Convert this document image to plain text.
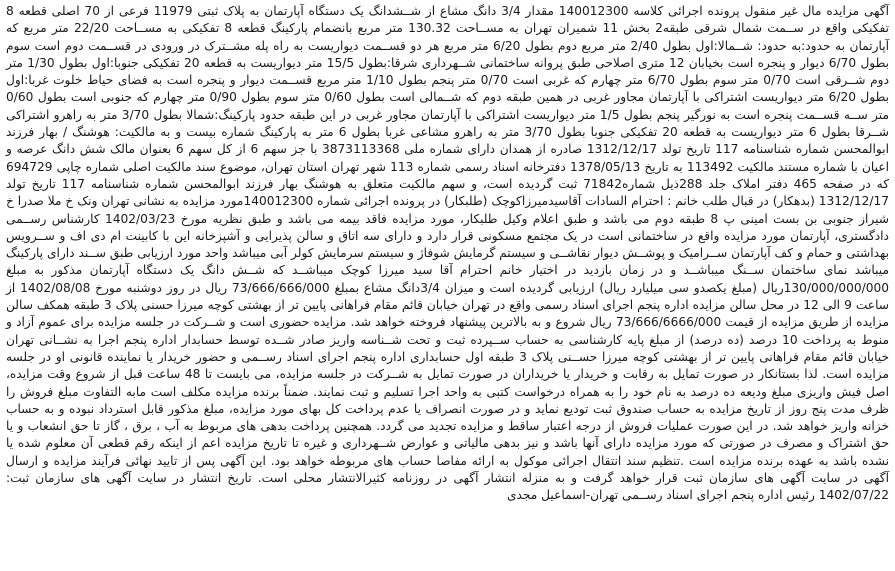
آگهی مزایده مال غیر منقول پرونده اجرائی کلاسه 140012300 مقدار 3/4 دانگ مشاع از شــشدانگ یک دستگاه آپارتمان به پلاک ثبتی 11979 فرعی از 70 اصلی قطعه 8 تفکیکی واقع در ســمت شمال شرقی طبقه2 بخش 11 شمیران تهران به مســاحت 130.32 متر مربع بانضمام پارکینگ قطعه 8 تفکیکی به مســاحت 22/20 متر مربع که آپارتمان به حدود:به حدود: شــمالا:اول بطول 2/40 متر مربع دوم بطول 6/20 متر مربع هر دو قســمت دیواریست به راه پله مشــترک در ورودی در قســمت دوم است سوم بطول 6/70 دیوار و پنجره است بخیابان 12 متری اصلاحی طبق پروانه ساختمانی شــهرداری شرقا:بطول 15/5 متر دیواریست به قطعه 20 تفکیکی جنوبا:اول بطول 1/30 متر دوم شــرقی است 0/70 متر سوم بطول 6/70 متر چهارم که غربی است 0/70 متر پنجم بطول 1/10 متر مربع قســمت دیوار و پنجره است به فضای حیاط خلوت غربا:اول بطول 6/20 متر دیواریست اشتراکی با آپارتمان مجاور غربی در همین طبقه دوم که شــمالی است بطول 0/60 متر سوم بطول 0/90 متر چهارم که جنوبی است بطول 0/60 متر ســه قســمت پنجره است به نورگیر پنجم بطول 1/5 متر دیواریست اشتراکی با آپارتمان مجاور غربی در این طبقه حدود پارکینگ:شمالا بطول 3/70 متر به راهرو اشتراکی شــرقا بطول 6 متر دیواریست به قطعه 20 تفکیکی جنوبا بطول 3/70 متر به راهرو مشاعی غربا بطول 6 متر به پارکینگ شماره بیست و به مالکیت: هوشنگ / بهار فرزند ابوالمحسن شماره شناسنامه 117 تاریخ تولد 1312/12/17 صادره از همدان دارای شماره ملی 3873113368 با جز سهم 6 از کل سهم 6 بعنوان مالک شش دانگ عرصه و اعیان با شماره مستند مالکیت 113492 به تاریخ 1378/05/13 دفترخانه اسناد رسمی شماره 113 شهر تهران استان تهران، موضوع سند مالکیت اصلی شماره چاپی 694729 که در صفحه 465 دفتر املاک جلد 288ذیل شماره71842 ثبت گردیده است، و سهم مالکیت متعلق به هوشنگ بهار فرزند ابوالمحسن شماره شناسنامه 117 تاریخ تولد 1312/12/17 (بدهکار) در قبال طلب خانم : احترام السادات آقاسیدمیرزاکوچک (طلبکار) در پرونده اجرائی شماره 140012300مورد مزایده به نشانی تهران ونک خ ملا صدرا خ شیراز جنوبی بن بست امینی پ 8 طبقه دوم می باشد و طبق اعلام وکیل طلبکار، مورد مزایده فاقد بیمه می باشد و طبق نظریه مورخ 1402/03/23 کارشناس رســمی دادگستری، آپارتمان مورد مزایده واقع در ساختمانی است در یک مجتمع مسکونی قرار دارد و دارای سه اتاق و سالن پذیرایی و آشپزخانه این با کابینت ام دی اف و ســرویس بهداشتی و حمام و کف آپارتمان ســرامیک و پوشــش دیوار نقاشــی و سیستم گرمایش شوفاژ و سیستم سرمایش کولر آبی میباشد واحد مورد ارزیابی طبق ســند دارای پارکینگ میباشد نمای ساختمان ســنگ میباشــد و در زمان بازدید در اختیار خانم احترام آقا سید میرزا کوچک میباشــد که شــش دانگ یک دستگاه آپارتمان مذکور به مبلغ 130/000/000/000ریال (مبلغ یکصدو سی میلیارد ریال) ارزیابی گردیده است و میزان 3/4دانگ مشاع بمبلغ 73/666/666/000 ریال در روز دوشنبه مورخ 1402/08/08 از ساعت 9 الی 12 در محل سالن مزایده اداره پنجم اجرای اسناد رسمی واقع در تهران خیابان قائم مقام فراهانی پایین تر از بهشتی کوچه میرزا حسنی پلاک 3 طبقه همکف سالن مزایده از طریق مزایده از قیمت 73/666/6666/000 ریال شروع و به بالاترین پیشنهاد فروخته خواهد شد. مزایده حضوری است و شــرکت در جلسه مزایده برای عموم آزاد و منوط به پرداخت 10 درصد (ده درصد) از مبلغ پایه کارشناسی به حساب ســپرده ثبت و تحت شــناسه واریز صادر شــده توسط حسابدار اداره پنجم اجرا به نشــانی تهران خیابان قائم مقام فراهانی پایین تر از بهشتی کوچه میرزا حســنی پلاک 3 طبقه اول حسابداری اداره پنجم اجرای اسناد رســمی و حضور خریدار یا نماینده قانونی او در جلسه مزایده است. لذا بستانکار در صورت تمایل به رقابت و خریدار یا خریداران در صورت تمایل به شــرکت در جلسه مزایده، می بایست تا 48 ساعت قبل از شروع وقت مزایده، اصل فیش واریزی مبلغ ودیعه ده درصد به نام خود را به همراه درخواست کتبی به واحد اجرا تسلیم و ثبت نمایند. ضمناً برنده مزایده مکلف است مابه التفاوت مبلغ فروش را ظرف مدت پنج روز از تاریخ مزایده به حساب صندوق ثبت تودیع نماید و در صورت انصراف یا عدم پرداخت کل بهای مورد مزایده، مبلغ مذکور قابل استرداد نبوده و به حساب خزانه واریز خواهد شد. در این صورت عملیات فروش از درجه اعتبار ساقط و مزایده تجدید می گردد. همچنین پرداخت بدهی های مربوط به آب ، برق ، گاز تا حق انشعاب و یا حق اشتراک و مصرف در صورتی که مورد مزایده دارای آنها باشد و نیز بدهی مالیاتی و عوارض شــهرداری و غیره تا تاریخ مزایده اعم از اینکه رقم قطعی آن معلوم شده یا نشده باشد به عهده برنده مزایده است .تنظیم سند انتقال اجرائی موکول به ارائه مفاصا حساب های مربوطه خواهد بود. این آگهی پس از تایید نهائی فرآیند مزایده و ارسال آگهی در سایت آگهی های سازمان ثبت قرار خواهد گرفت و به منزله انتشار آگهی در روزنامه کثیرالانتشار محلی است. تاریخ انتشار در سایت آگهی های سازمان ثبت: 1402/07/22 رئیس اداره پنجم اجرای اسناد رســمی تهران-اسماعیل مجدی
